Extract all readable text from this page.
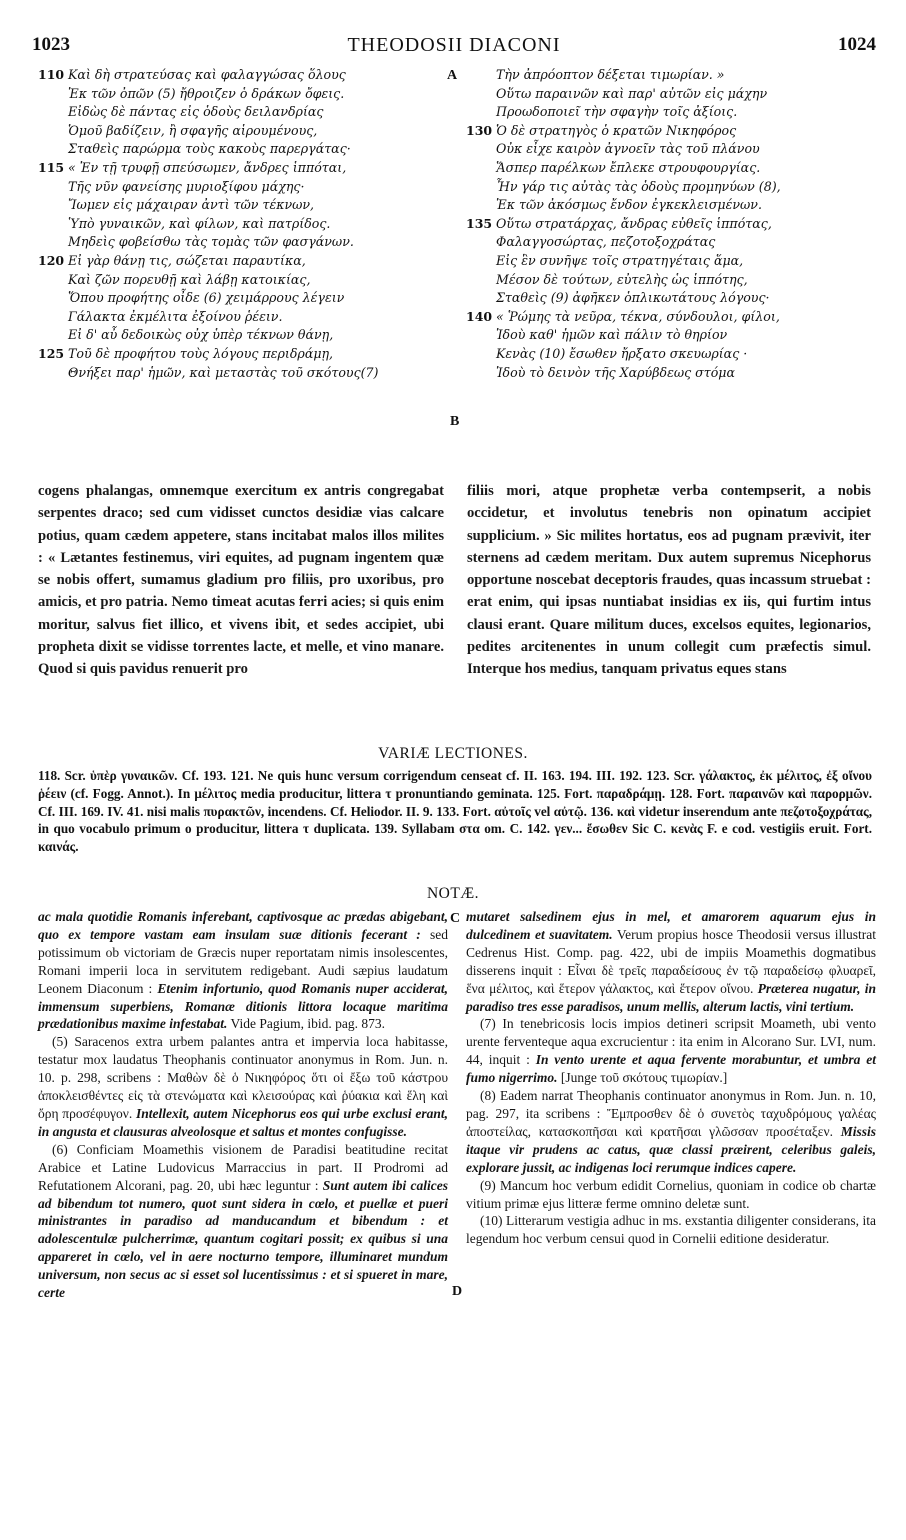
1023	THEODOSII DIACONI	1024
110 Καὶ δὴ στρατεύσας καὶ φαλαγγώσας ὅλους
Ἐκ τῶν ὀπῶν (5) ἤθροιζεν ὁ δράκων ὄφεις.
Εἰδὼς δὲ πάντας εἰς ὁδοὺς δειλανδρίας
Ὁμοῦ βαδίζειν, ἢ σφαγῆς αἱρουμένους,
Σταθεὶς παρώρμα τοὺς κακοὺς παρεργάτας·
115 « Ἐν τῇ τρυφῇ σπεύσωμεν, ἄνδρες ἱππόται,
Τῆς νῦν φανείσης μυριοξίφου μάχης·
Ἴωμεν εἰς μάχαιραν ἀντὶ τῶν τέκνων,
Ὑπὸ γυναικῶν, καὶ φίλων, καὶ πατρίδος.
Μηδεὶς φοβείσθω τὰς τομὰς τῶν φασγάνων.
120 Εἰ γὰρ θάνῃ τις, σώζεται παραυτίκα,
Καὶ ζῶν πορευθῇ καὶ λάβῃ κατοικίας,
Ὅπου προφήτης οἶδε (6) χειμάρρους λέγειν
Γάλακτα ἐκμέλιτα ἐξοίνου ῥέειν.
Εἰ δ' αὖ δεδοικὼς οὐχ ὑπὲρ τέκνων θάνῃ,
125 Τοῦ δὲ προφήτου τοὺς λόγους περιδράμῃ,
Θνήξει παρ' ἡμῶν, καὶ μεταστὰς τοῦ σκότους(7)
Τὴν ἀπρόοπτον δέξεται τιμωρίαν. »
Οὕτω παραινῶν καὶ παρ' αὐτῶν εἰς μάχην
Προωδοποιεῖ τὴν σφαγὴν τοῖς ἀξίοις.
130 Ὁ δὲ στρατηγὸς ὁ κρατῶν Νικηφόρος
Οὐκ εἶχε καιρὸν ἀγνοεῖν τὰς τοῦ πλάνου
Ἅσπερ παρέλκων ἔπλεκε στρουφουργίας.
Ἦν γάρ τις αὐτὰς τὰς ὁδοὺς προμηνύων (8),
Ἐκ τῶν ἀκόσμως ἔνδον ἐγκεκλεισμένων.
135 Οὕτω στρατάρχας, ἄνδρας εὐθεῖς ἱππότας,
Φαλαγγοσώρτας, πεζοτοξοχράτας
Εἰς ἓν συνῆψε τοῖς στρατηγέταις ἅμα,
Μέσον δὲ τούτων, εὐτελὴς ὡς ἱππότης,
Σταθεὶς (9) ἀφῆκεν ὁπλικωτάτους λόγους·
140 « Ῥώμης τὰ νεῦρα, τέκνα, σύνδουλοι, φίλοι,
Ἰδοὺ καθ' ἡμῶν καὶ πάλιν τὸ θηρίον
Κενὰς (10) ἔσωθεν ἤρξατο σκευωρίας ·
Ἰδοὺ τὸ δεινὸν τῆς Χαρύβδεως στόμα
A
B
C
D
cogens phalangas, omnemque exercitum ex antris congregabat serpentes draco; sed cum vidisset cunctos desidiæ vias calcare potius, quam cædem appetere, stans incitabat malos illos milites : « Lætantes festinemus, viri equites, ad pugnam ingentem quæ se nobis offert, sumamus gladium pro filiis, pro uxoribus, pro amicis, et pro patria. Nemo timeat acutas ferri acies; si quis enim moritur, salvus fiet illico, et vivens ibit, et sedes accipiet, ubi propheta dixit se vidisse torrentes lacte, et melle, et vino manare. Quod si quis pavidus renuerit pro
filiis mori, atque prophetæ verba contempserit, a nobis occidetur, et involutus tenebris non opinatum accipiet supplicium. » Sic milites hortatus, eos ad pugnam prævivit, iter sternens ad cædem meritam. Dux autem supremus Nicephorus opportune noscebat deceptoris fraudes, quas incassum struebat : erat enim, qui ipsas nuntiabat insidias ex iis, qui furtim intus clausi erant. Quare militum duces, excelsos equites, legionarios, pedites arcitenentes in unum collegit cum præfectis simul. Interque hos medius, tanquam privatus eques stans
VARIÆ LECTIONES.
118. Scr. ὑπὲρ γυναικῶν. Cf. 193. 121. Ne quis hunc versum corrigendum censeat cf. II. 163. 194. III. 192. 123. Scr. γάλακτος, ἐκ μέλιτος, ἐξ οἴνου ῥέειν (cf. Fogg. Annot.). In μέλιτος media producitur, littera τ pronuntiando geminata. 125. Fort. παραδράμῃ. 128. Fort. παραινῶν καὶ παρορμῶν. Cf. III. 169. IV. 41. nisi malis πυρακτῶν, incendens. Cf. Heliodor. II. 9. 133. Fort. αὐτοῖς vel αὐτῷ. 136. καὶ videtur inserendum ante πεζοτοξοχράτας, in quo vocabulo primum o producitur, littera τ duplicata. 139. Syllabam στα om. C. 142. γεν... ἔσωθεν Sic C. κενὰς F. e cod. vestigiis eruit. Fort. καινάς.
NOTÆ.

ac mala quotidie Romanis inferebant, captivosque ac prædas abigebant, quo ex tempore vastam eam insulam suæ ditionis fecerant : sed potissimum ob victoriam de Græcis nuper reportatam nimis insolescentes, Romani imperii loca in servitutem redigebant. Audi sæpius laudatum Leonem Diaconum : Etenim infortunio, quod Romanis nuper acciderat, immensum superbiens, Romanæ ditionis littora locaque maritima prædationibus maxime infestabat. Vide Pagium, ibid. pag. 873.

(5) Saracenos extra urbem palantes antra et impervia loca habitasse, testatur mox laudatus Theophanis continuator anonymus in Rom. Jun. n. 10. p. 298, scribens : Μαθὼν δὲ ὁ Νικηφόρος ὅτι οἱ ἔξω τοῦ κάστρου ἀποκλεισθέντες εἰς τὰ στενώματα καὶ κλεισούρας καὶ ῥύακια καὶ ἕλη καὶ ὄρη προσέφυγον. Intellexit, autem Nicephorus eos qui urbe exclusi erant, in angusta et clausuras alveolosque et saltus et montes confugisse.

(6) Conficiam Moamethis visionem de Paradisi beatitudine recitat Arabice et Latine Ludovicus Marraccius in part. II Prodromi ad Refutationem Alcorani, pag. 20, ubi hæc leguntur : Sunt autem ibi calices ad bibendum tot numero, quot sunt sidera in cœlo, et puellæ et pueri ministrantes in paradiso ad manducandum et bibendum : et adolescentulæ pulcherrimæ, quantum cogitari possit; ex quibus si una appareret in cœlo, vel in aere nocturno tempore, illuminaret mundum universum, non secus ac si esset sol lucentissimus : et si spueret in mare, certe

mutaret salsedinem ejus in mel, et amarorem aquarum ejus in dulcedinem et suavitatem. Verum propius hosce Theodosii versus illustrat Cedrenus Hist. Comp. pag. 422, ubi de impiis Moamethis dogmatibus disserens inquit : Εἶναι δὲ τρεῖς παραδείσους ἐν τῷ παραδείσῳ φλυαρεῖ, ἕνα μέλιτος, καὶ ἕτερον γάλακτος, καὶ ἕτερον οἴνου. Præterea nugatur, in paradiso tres esse paradisos, unum mellis, alterum lactis, vini tertium.

(7) In tenebricosis locis impios detineri scripsit Moameth, ubi vento urente ferventeque aqua excrucientur : ita enim in Alcorano Sur. LVI, num. 44, inquit : In vento urente et aqua fervente morabuntur, et umbra et fumo nigerrimo. [Junge τοῦ σκότους τιμωρίαν.]

(8) Eadem narrat Theophanis continuator anonymus in Rom. Jun. n. 10, pag. 297, ita scribens : Ἔμπροσθεν δὲ ὁ συνετὸς ταχυδρόμους γαλέας ἀποστείλας, κατασκοπῆσαι καὶ κρατῆσαι γλῶσσαν προσέταξεν. Missis itaque vir prudens ac catus, quæ classi præirent, celeribus galeis, explorare jussit, ac indigenas loci rerumque indices capere.

(9) Mancum hoc verbum edidit Cornelius, quoniam in codice ob chartæ vitium primæ ejus litteræ ferme omnino deletæ sunt.

(10) Litterarum vestigia adhuc in ms. exstantia diligenter considerans, ita legendum hoc verbum censui quod in Cornelii editione desideratur.
